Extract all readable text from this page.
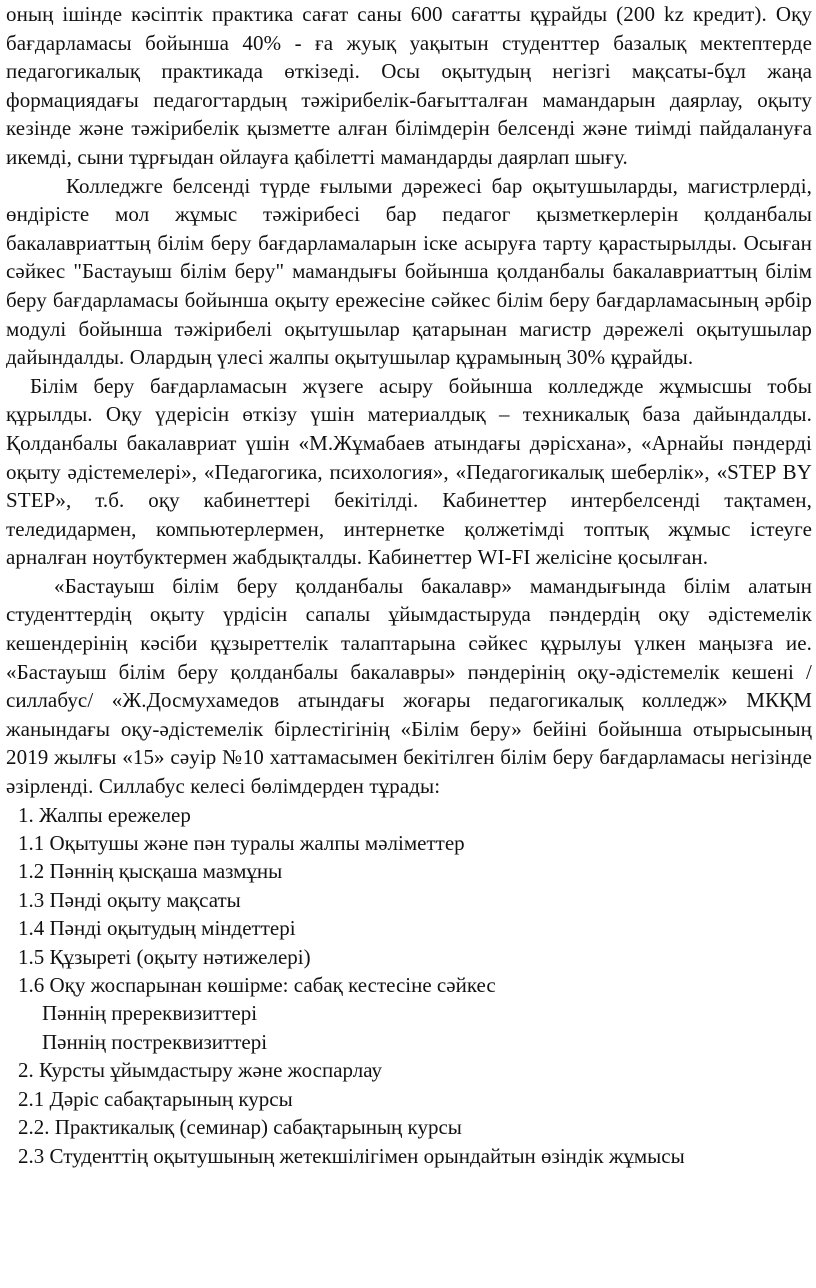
оның ішінде кәсіптік практика сағат саны 600 сағатты құрайды (200 kz кредит). Оқу бағдарламасы бойынша 40% - ға жуық уақытын студенттер базалық мектептерде педагогикалық практикада өткізеді. Осы оқытудың негізгі мақсаты-бұл жаңа формациядағы педагогтардың тәжірибелік-бағытталған мамандарын даярлау, оқыту кезінде және тәжірибелік қызметте алған білімдерін белсенді және тиімді пайдалануға икемді, сыни тұрғыдан ойлауға қабілетті мамандарды даярлап шығу.

Колледжге белсенді түрде ғылыми дәрежесі бар оқытушыларды, магистрлерді, өндірісте мол жұмыс тәжірибесі бар педагог қызметкерлерін қолданбалы бакалавриаттың білім беру бағдарламаларын іске асыруға тарту қарастырылды. Осыған сәйкес "Бастауыш білім беру" мамандығы бойынша қолданбалы бакалавриаттың білім беру бағдарламасы бойынша оқыту ережесіне сәйкес білім беру бағдарламасының әрбір модулі бойынша тәжірибелі оқытушылар қатарынан магистр дәрежелі оқытушылар дайындалды. Олардың үлесі жалпы оқытушылар құрамының 30% құрайды.

Білім беру бағдарламасын жүзеге асыру бойынша колледжде жұмысшы тобы құрылды. Оқу үдерісін өткізу үшін материалдық – техникалық база дайындалды. Қолданбалы бакалавриат үшін «М.Жұмабаев атындағы дәрісхана», «Арнайы пәндерді оқыту әдістемелері», «Педагогика, психология», «Педагогикалық шеберлік», «STEP BY STEP», т.б. оқу кабинеттері бекітілді. Кабинеттер интербелсенді тақтамен, теледидармен, компьютерлермен, интернетке қолжетімді топтық жұмыс істеуге арналған ноутбуктермен жабдықталды. Кабинеттер WI-FI желісіне қосылған.

«Бастауыш білім беру қолданбалы бакалавр» мамандығында білім алатын студенттердің оқыту үрдісін сапалы ұйымдастыруда пәндердің оқу әдістемелік кешендерінің кәсіби құзыреттелік талаптарына сәйкес құрылуы үлкен маңызға ие. «Бастауыш білім беру қолданбалы бакалавры» пәндерінің оқу-әдістемелік кешені /силлабус/ «Ж.Досмухамедов атындағы жоғары педагогикалық колледж» МКҚМ жанындағы оқу-әдістемелік бірлестігінің «Білім беру» бейіні бойынша отырысының 2019 жылғы «15» сәуір №10 хаттамасымен бекітілген білім беру бағдарламасы негізінде әзірленді. Силлабус келесі бөлімдерден тұрады:

1. Жалпы ережелер
1.1 Оқытушы және пән туралы жалпы мәліметтер
1.2 Пәннің қысқаша мазмұны
1.3 Пәнді оқыту мақсаты
1.4 Пәнді оқытудың міндеттері
1.5 Құзыреті (оқыту нәтижелері)
1.6 Оқу жоспарынан көшірме: сабақ кестесіне сәйкес
Пәннің пререквизиттері
Пәннің постреквизиттері
2. Курсты ұйымдастыру және жоспарлау
2.1 Дәріс сабақтарының курсы
2.2. Практикалық (семинар) сабақтарының курсы
2.3 Студенттің оқытушының жетекшілігімен орындайтын өзіндік жұмысы
